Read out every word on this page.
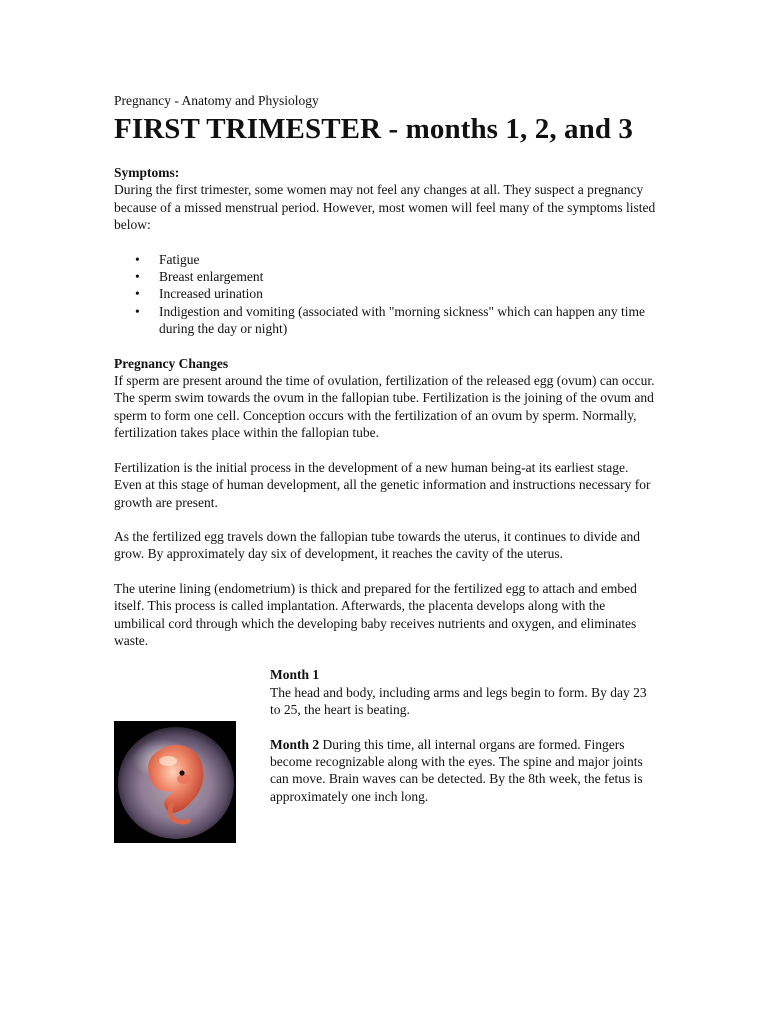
Pregnancy - Anatomy and Physiology

FIRST TRIMESTER - months 1, 2, and 3

Symptoms:

During the first trimester, some women may not feel any changes at all. They suspect a pregnancy because of a missed menstrual period. However, most women will feel many of the symptoms listed below:

• Fatigue
• Breast enlargement
• Increased urination
• Indigestion and vomiting (associated with "morning sickness" which can happen any time during the day or night)

Pregnancy Changes

If sperm are present around the time of ovulation, fertilization of the released egg (ovum) can occur. The sperm swim towards the ovum in the fallopian tube. Fertilization is the joining of the ovum and sperm to form one cell. Conception occurs with the fertilization of an ovum by sperm. Normally, fertilization takes place within the fallopian tube.

Fertilization is the initial process in the development of a new human being-at its earliest stage. Even at this stage of human development, all the genetic information and instructions necessary for growth are present.

As the fertilized egg travels down the fallopian tube towards the uterus, it continues to divide and grow. By approximately day six of development, it reaches the cavity of the uterus.

The uterine lining (endometrium) is thick and prepared for the fertilized egg to attach and embed itself. This process is called implantation. Afterwards, the placenta develops along with the umbilical cord through which the developing baby receives nutrients and oxygen, and eliminates waste.

Month 1

The head and body, including arms and legs begin to form. By day 23 to 25, the heart is beating.

Month 2 During this time, all internal organs are formed. Fingers become recognizable along with the eyes. The spine and major joints can move. Brain waves can be detected. By the 8th week, the fetus is approximately one inch long.
